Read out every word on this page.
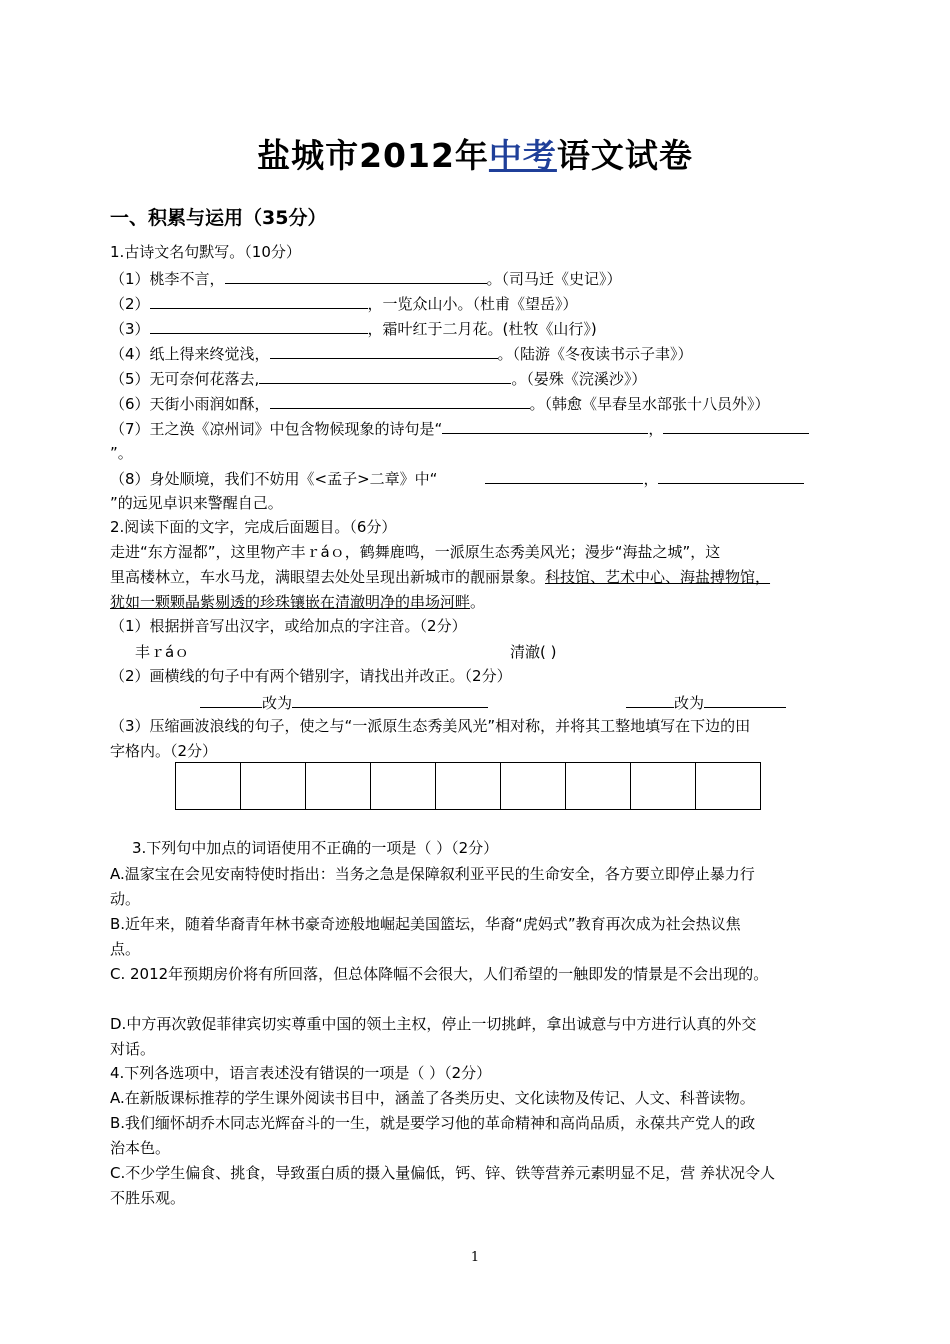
盐城市2012年中考语文试卷
一、积累与运用（35分）
1.古诗文名句默写。（10分）
（1）桃李不言，	。（司马迁《史记》）
（2）	，一览众山小。（杜甫《望岳》）
（3）	，霜叶红于二月花。(杜牧《山行》)
（4）纸上得来终觉浅，	。（陆游《冬夜读书示子聿》）
（5）无可奈何花落去,	。（晏殊《浣溪沙》）
（6）天街小雨润如酥，	。（韩愈《早春呈水部张十八员外》）
（7）王之涣《凉州词》中包含物候现象的诗句是“	，
”。
（8）身处顺境，我们不妨用《<孟子>二章》中“	，
”的远见卓识来警醒自己。
2.阅读下面的文字，完成后面题目。（6分）
走进“东方湿都”，这里物产丰ｒáｏ，鹤舞鹿鸣，一派原生态秀美风光；漫步“海盐之城”，这
里高楼林立，车水马龙，满眼望去处处呈现出新城市的靓丽景象。科技馆、艺术中心、海盐搏物馆，
犹如一颗颗晶紫剔透的珍珠镶嵌在清澈明净的串场河畔。
（1）根据拼音写出汉字，或给加点的字注音。（2分）
丰ｒáｏ	清澈( )
（2）画横线的句子中有两个错别字，请找出并改正。（2分）
改为	改为
（3）压缩画波浪线的句子，使之与“一派原生态秀美风光”相对称，并将其工整地填写在下边的田
字格内。（2分）
3.下列句中加点的词语使用不正确的一项是（ ）（2分）
A.温家宝在会见安南特使时指出：当务之急是保障叙利亚平民的生命安全，各方要立即停止暴力行
动。
B.近年来，随着华裔青年林书豪奇迹般地崛起美国篮坛，华裔“虎妈式”教育再次成为社会热议焦
点。
C. 2012年预期房价将有所回落，但总体降幅不会很大，人们希望的一触即发的情景是不会出现的。
D.中方再次敦促菲律宾切实尊重中国的领土主权，停止一切挑衅，拿出诚意与中方进行认真的外交
对话。
4.下列各选项中，语言表述没有错误的一项是（ ）（2分）
A.在新版课标推荐的学生课外阅读书目中，涵盖了各类历史、文化读物及传记、人文、科普读物。
B.我们缅怀胡乔木同志光辉奋斗的一生，就是要学习他的革命精神和高尚品质，永葆共产党人的政
治本色。
C.不少学生偏食、挑食，导致蛋白质的摄入量偏低，钙、锌、铁等营养元素明显不足，营 养状况令人
不胜乐观。
1
